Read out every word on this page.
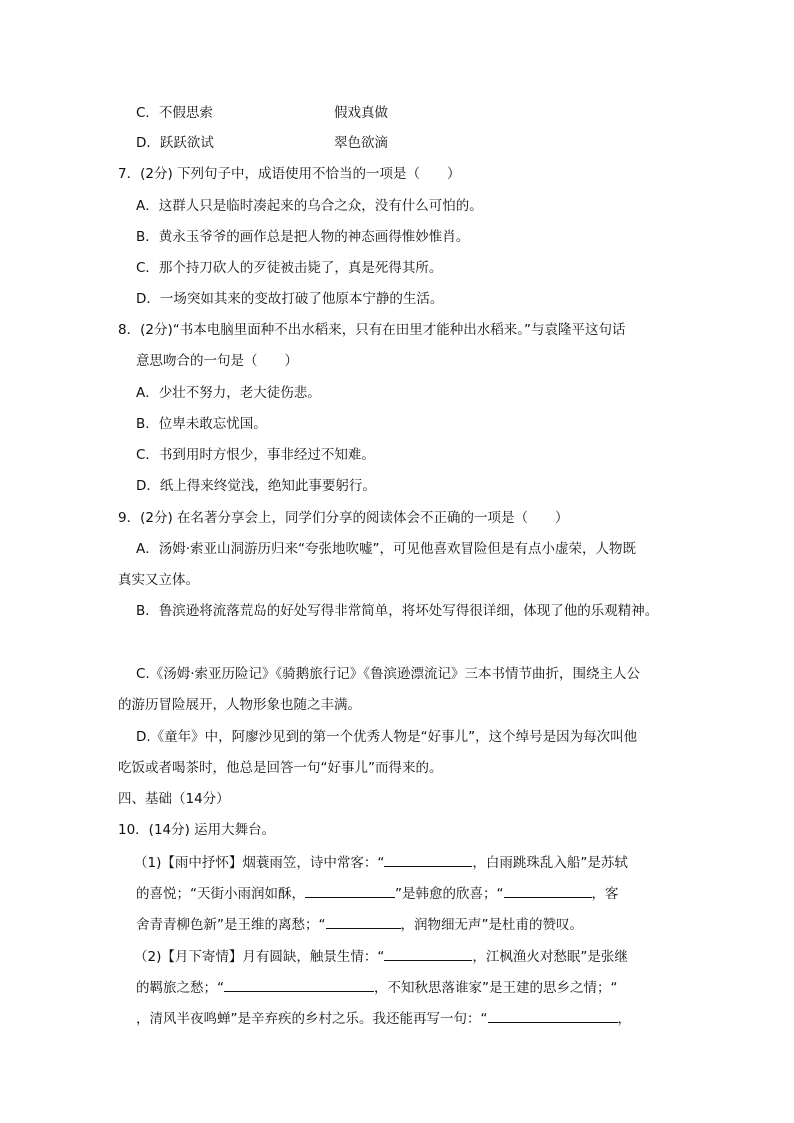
C．不假思索	假戏真做
D．跃跃欲试	翠色欲滴
7．(2分) 下列句子中，成语使用不恰当的一项是（　　）
A．这群人只是临时凑起来的乌合之众，没有什么可怕的。
B．黄永玉爷爷的画作总是把人物的神态画得惟妙惟肖。
C．那个持刀砍人的歹徒被击毙了，真是死得其所。
D．一场突如其来的变故打破了他原本宁静的生活。
8．(2分)“书本电脑里面种不出水稻来，只有在田里才能种出水稻来。”与袁隆平这句话
意思吻合的一句是（　　）
A．少壮不努力，老大徒伤悲。
B．位卑未敢忘忧国。
C．书到用时方恨少，事非经过不知难。
D．纸上得来终觉浅，绝知此事要躬行。
9．(2分) 在名著分享会上，同学们分享的阅读体会不正确的一项是（　　）
A．汤姆·索亚山洞游历归来“夸张地吹嘘”，可见他喜欢冒险但是有点小虚荣，人物既
真实又立体。
B．鲁滨逊将流落荒岛的好处写得非常简单，将坏处写得很详细，体现了他的乐观精神。
C.《汤姆·索亚历险记》《骑鹅旅行记》《鲁滨逊漂流记》三本书情节曲折，围绕主人公
的游历冒险展开，人物形象也随之丰满。
D.《童年》中，阿廖沙见到的第一个优秀人物是“好事儿”，这个绰号是因为每次叫他
吃饭或者喝茶时，他总是回答一句“好事儿”而得来的。
四、基础（14分）
10．(14分) 运用大舞台。
（1)【雨中抒怀】烟蓑雨笠，诗中常客：“	，白雨跳珠乱入船”是苏轼
的喜悦；“天街小雨润如酥，	”是韩愈的欣喜；“	，客
舍青青柳色新”是王维的离愁；“	，润物细无声”是杜甫的赞叹。
（2)【月下寄情】月有圆缺，触景生情：“	，江枫渔火对愁眠”是张继
的羁旅之愁；“	，不知秋思落谁家”是王建的思乡之情；“
，清风半夜鸣蝉”是辛弃疾的乡村之乐。我还能再写一句：“	，
